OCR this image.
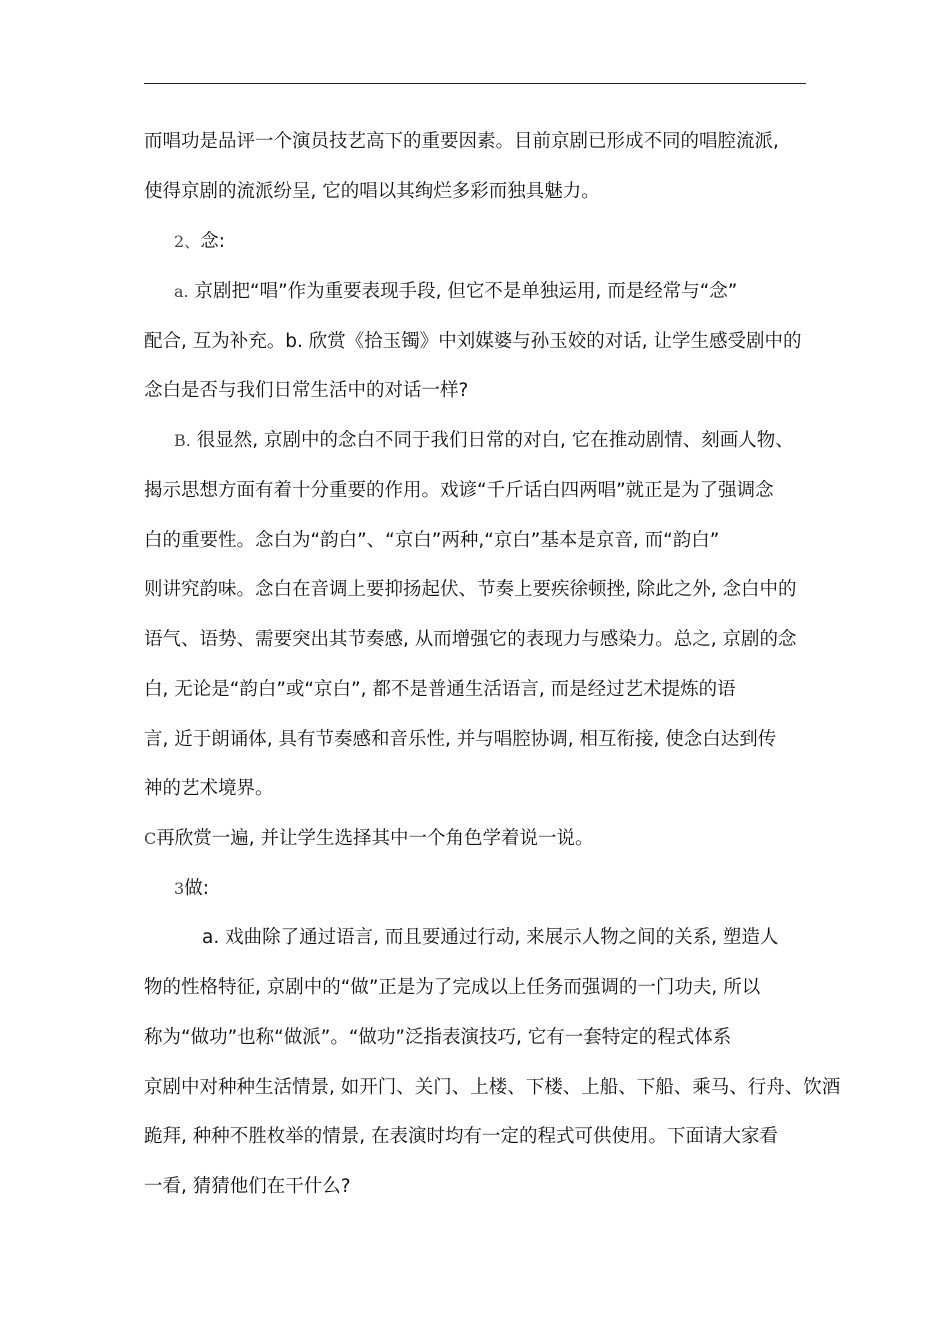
而唱功是品评一个演员技艺高下的重要因素。目前京剧已形成不同的唱腔流派,
使得京剧的流派纷呈, 它的唱以其绚烂多彩而独具魅力。
2、念:
a. 京剧把“唱”作为重要表现手段, 但它不是单独运用, 而是经常与“念”
配合, 互为补充。b. 欣赏《拾玉镯》中刘媒婆与孙玉姣的对话, 让学生感受剧中的
念白是否与我们日常生活中的对话一样?
B. 很显然, 京剧中的念白不同于我们日常的对白, 它在推动剧情、刻画人物、
揭示思想方面有着十分重要的作用。戏谚“千斤话白四两唱”就正是为了强调念
白的重要性。念白为“韵白”、“京白”两种,“京白”基本是京音, 而“韵白”
则讲究韵味。念白在音调上要抑扬起伏、节奏上要疾徐顿挫, 除此之外, 念白中的
语气、语势、需要突出其节奏感, 从而增强它的表现力与感染力。总之, 京剧的念
白, 无论是“韵白”或“京白”, 都不是普通生活语言, 而是经过艺术提炼的语
言, 近于朗诵体, 具有节奏感和音乐性, 并与唱腔协调, 相互衔接, 使念白达到传
神的艺术境界。
C再欣赏一遍, 并让学生选择其中一个角色学着说一说。
3做:
a. 戏曲除了通过语言, 而且要通过行动, 来展示人物之间的关系, 塑造人
物的性格特征, 京剧中的“做”正是为了完成以上任务而强调的一门功夫, 所以
称为“做功”也称“做派”。“做功”泛指表演技巧, 它有一套特定的程式体系
京剧中对种种生活情景, 如开门、关门、上楼、下楼、上船、下船、乘马、行舟、饮酒
跪拜, 种种不胜枚举的情景, 在表演时均有一定的程式可供使用。下面请大家看
一看, 猜猜他们在干什么?
